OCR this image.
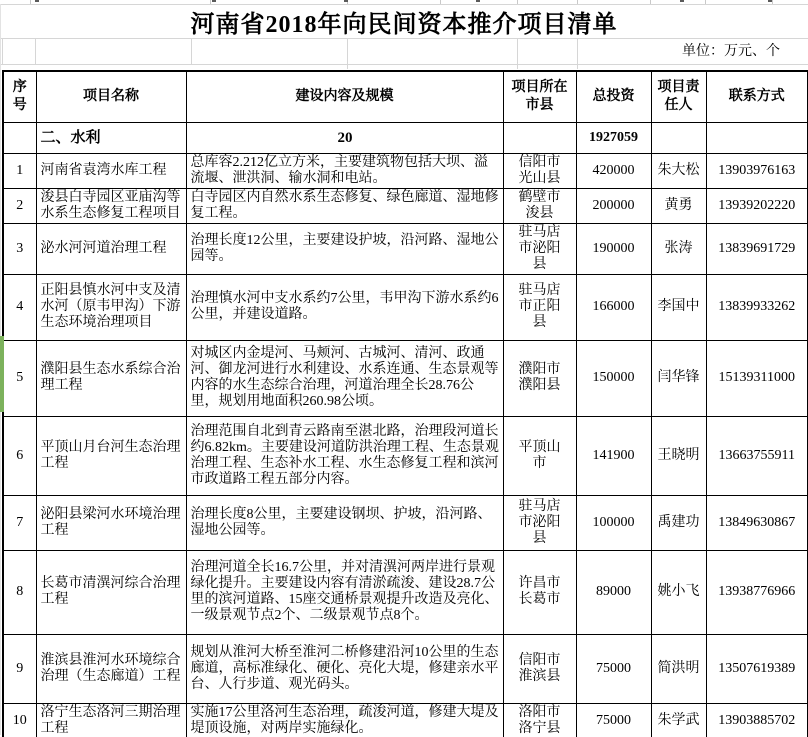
河南省2018年向民间资本推介项目清单
单位：万元、个
序号	项目名称	建设内容及规模	项目所在市县	总投资	项目责任人	联系方式
	二、水利	20		1927059		
1	河南省袁湾水库工程	总库容2.212亿立方米，主要建筑物包括大坝、溢流堰、泄洪洞、输水洞和电站。	信阳市光山县	420000	朱大松	13903976163
2	浚县白寺园区亚庙沟等水系生态修复工程项目	白寺园区内自然水系生态修复、绿色廊道、湿地修复工程。	鹤壁市浚县	200000	黄勇	13939202220
3	泌水河河道治理工程	治理长度12公里，主要建设护坡，沿河路、湿地公园等。	驻马店市泌阳县	190000	张涛	13839691729
4	正阳县慎水河中支及清水河（原韦甲沟）下游生态环境治理项目	治理慎水河中支水系约7公里，韦甲沟下游水系约6公里，并建设道路。	驻马店市正阳县	166000	李国中	13839933262
5	濮阳县生态水系综合治理工程	对城区内金堤河、马颊河、古城河、清河、政通河、御龙河进行水利建设、水系连通、生态景观等内容的水生态综合治理，河道治理全长28.76公里，规划用地面积260.98公顷。	濮阳市濮阳县	150000	闫华锋	15139311000
6	平顶山月台河生态治理工程	治理范围自北到青云路南至湛北路，治理段河道长约6.82km。主要建设河道防洪治理工程、生态景观治理工程、生态补水工程、水生态修复工程和滨河市政道路工程五部分内容。	平顶山市	141900	王晓明	13663755911
7	泌阳县梁河水环境治理工程	治理长度8公里，主要建设钢坝、护坡，沿河路、湿地公园等。	驻马店市泌阳县	100000	禹建功	13849630867
8	长葛市清潩河综合治理工程	治理河道全长16.7公里，并对清潩河两岸进行景观绿化提升。主要建设内容有清淤疏浚、建设28.7公里的滨河道路、15座交通桥景观提升改造及亮化、一级景观节点2个、二级景观节点8个。	许昌市长葛市	89000	姚小飞	13938776966
9	淮滨县淮河水环境综合治理（生态廊道）工程	规划从淮河大桥至淮河二桥修建沿河10公里的生态廊道，高标准绿化、硬化、亮化大堤，修建亲水平台、人行步道、观光码头。	信阳市淮滨县	75000	简洪明	13507619389
10	洛宁生态洛河三期治理工程	实施17公里洛河生态治理，疏浚河道，修建大堤及堤顶设施，对两岸实施绿化。	洛阳市洛宁县	75000	朱学武	13903885702
